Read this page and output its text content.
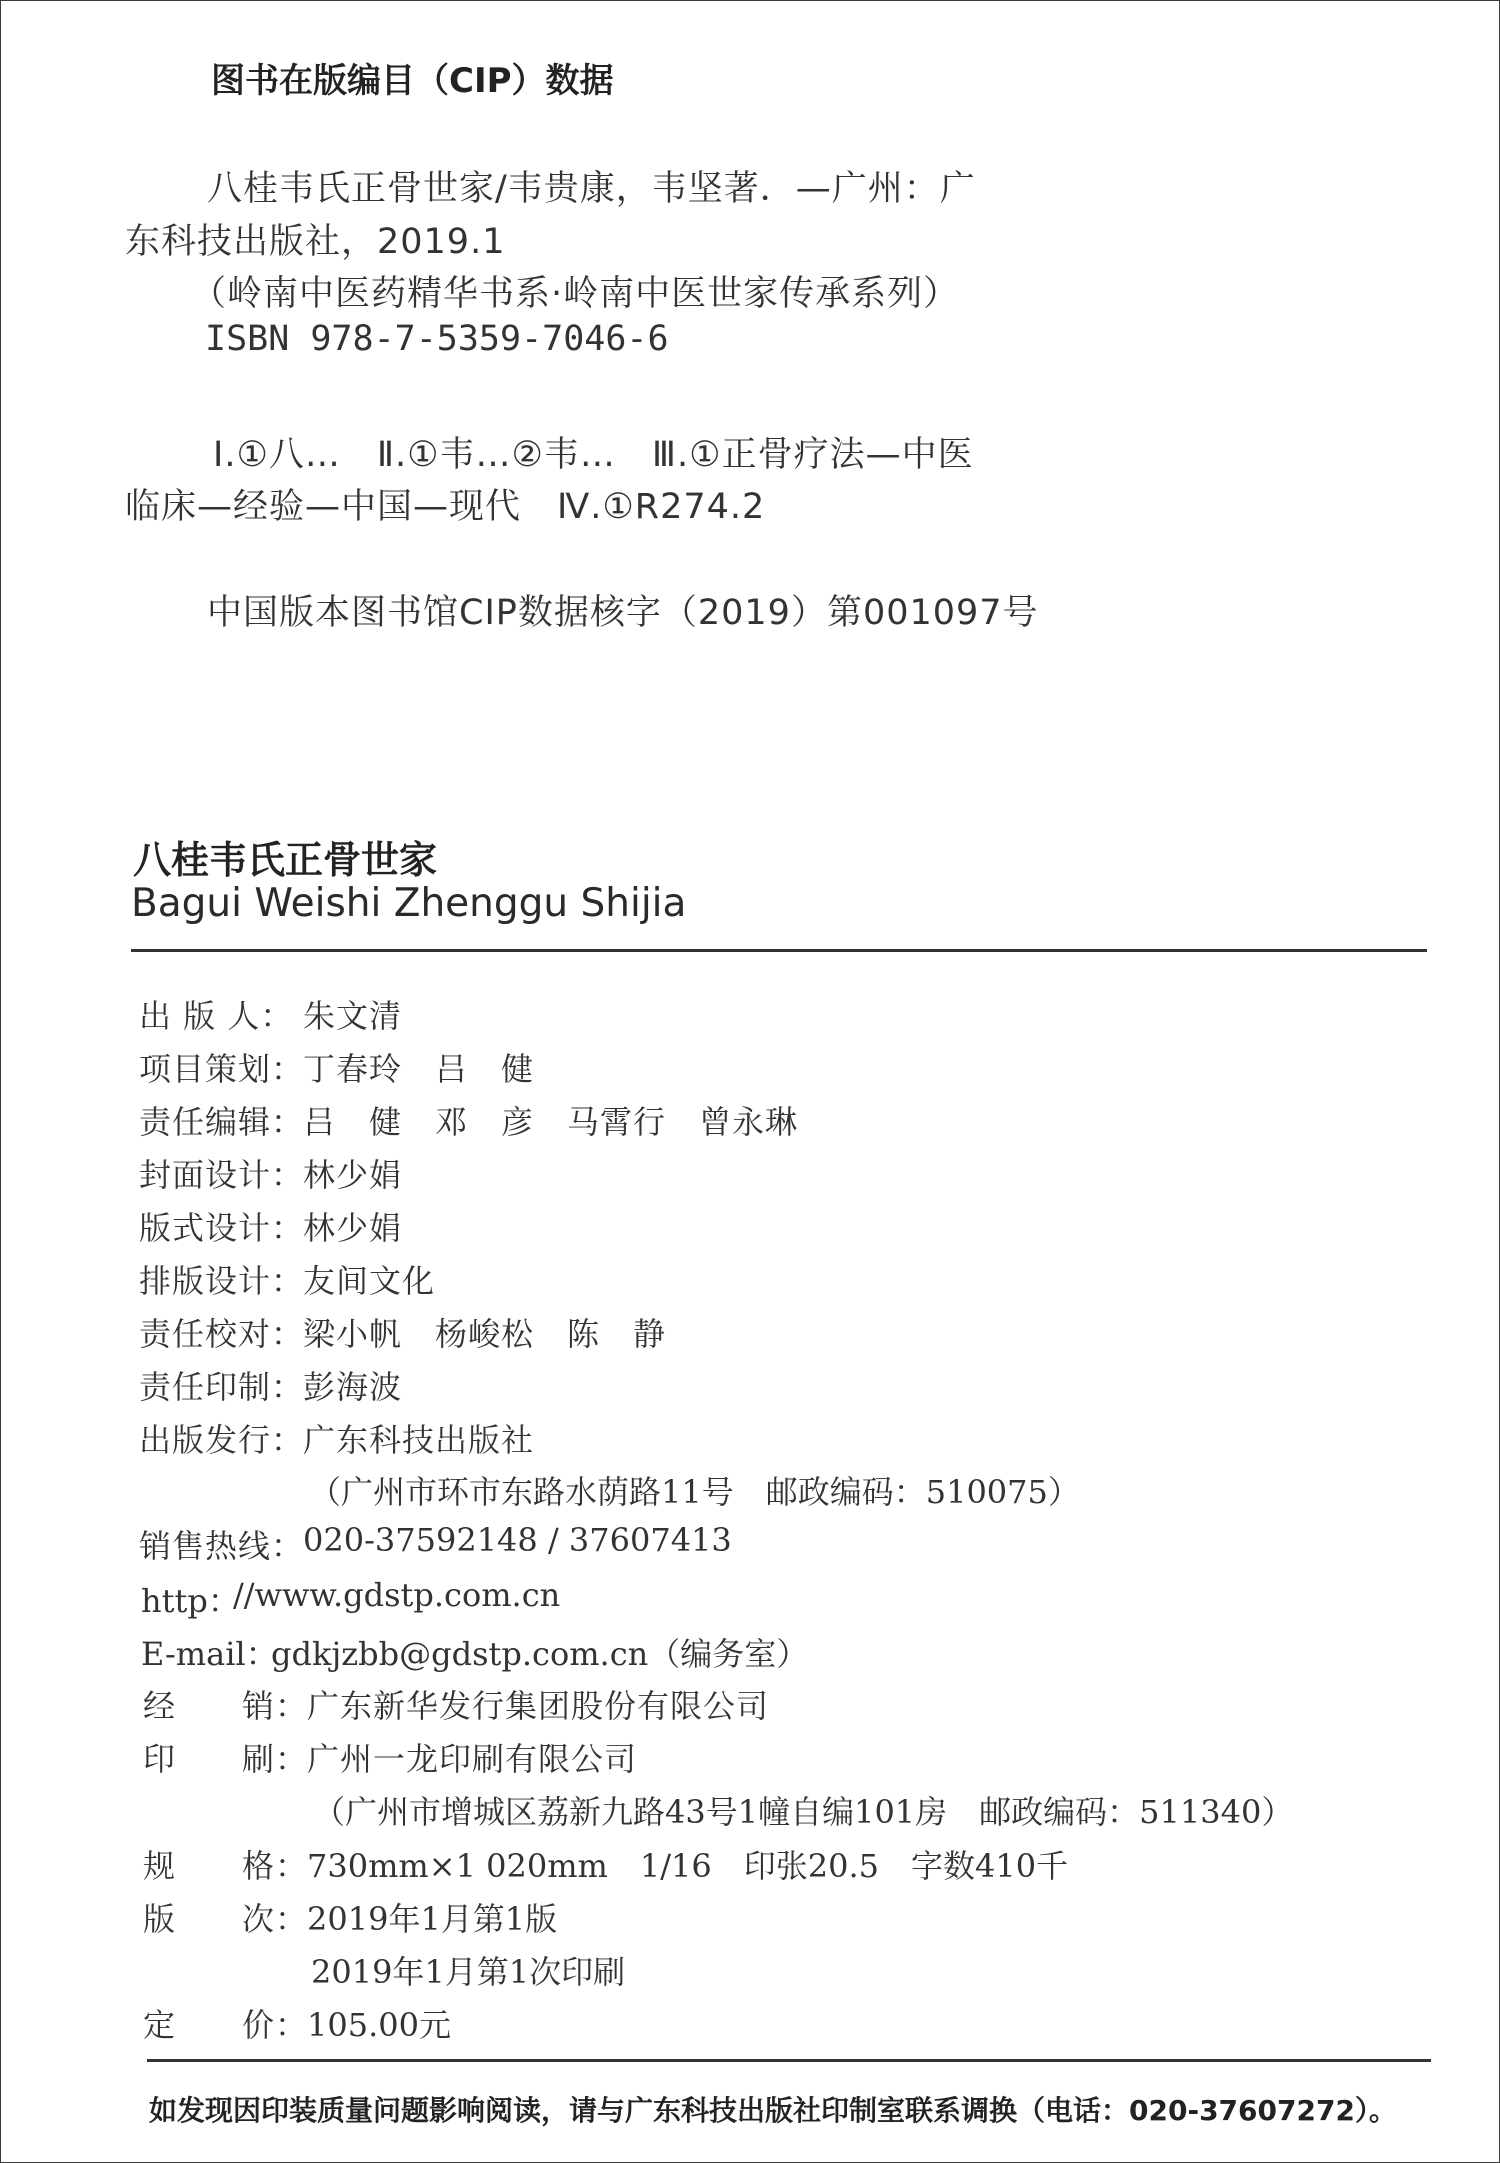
图书在版编目（CIP）数据
八桂韦氏正骨世家/韦贵康，韦坚著．—广州：广
东科技出版社，2019.1
（岭南中医药精华书系·岭南中医世家传承系列）
ISBN 978-7-5359-7046-6
Ⅰ.①八…　Ⅱ.①韦…②韦…　Ⅲ.①正骨疗法—中医
临床—经验—中国—现代　Ⅳ.①R274.2
中国版本图书馆CIP数据核字（2019）第001097号
八桂韦氏正骨世家
Bagui Weishi Zhenggu Shijia
出 版 人： 朱文清
项目策划：
丁春玲　吕　健
责任编辑：
吕　健　邓　彦　马霄行　曾永琳
封面设计：
林少娟
版式设计：
林少娟
排版设计：
友间文化
责任校对：
梁小帆　杨峻松　陈　静
责任印制：
彭海波
出版发行：
广东科技出版社
（广州市环市东路水荫路11号　邮政编码：510075）
销售热线：
020-37592148 / 37607413
http：
//www.gdstp.com.cn
E-mail：
gdkjzbb@gdstp.com.cn（编务室）
经　　销：
广东新华发行集团股份有限公司
印　　刷：
广州一龙印刷有限公司
（广州市增城区荔新九路43号1幢自编101房　邮政编码：511340）
规　　格：
730mm×1 020mm　1/16　印张20.5　字数410千
版　　次：
2019年1月第1版
2019年1月第1次印刷
定　　价：
105.00元
如发现因印装质量问题影响阅读，请与广东科技出版社印制室联系调换（电话：020-37607272）。
